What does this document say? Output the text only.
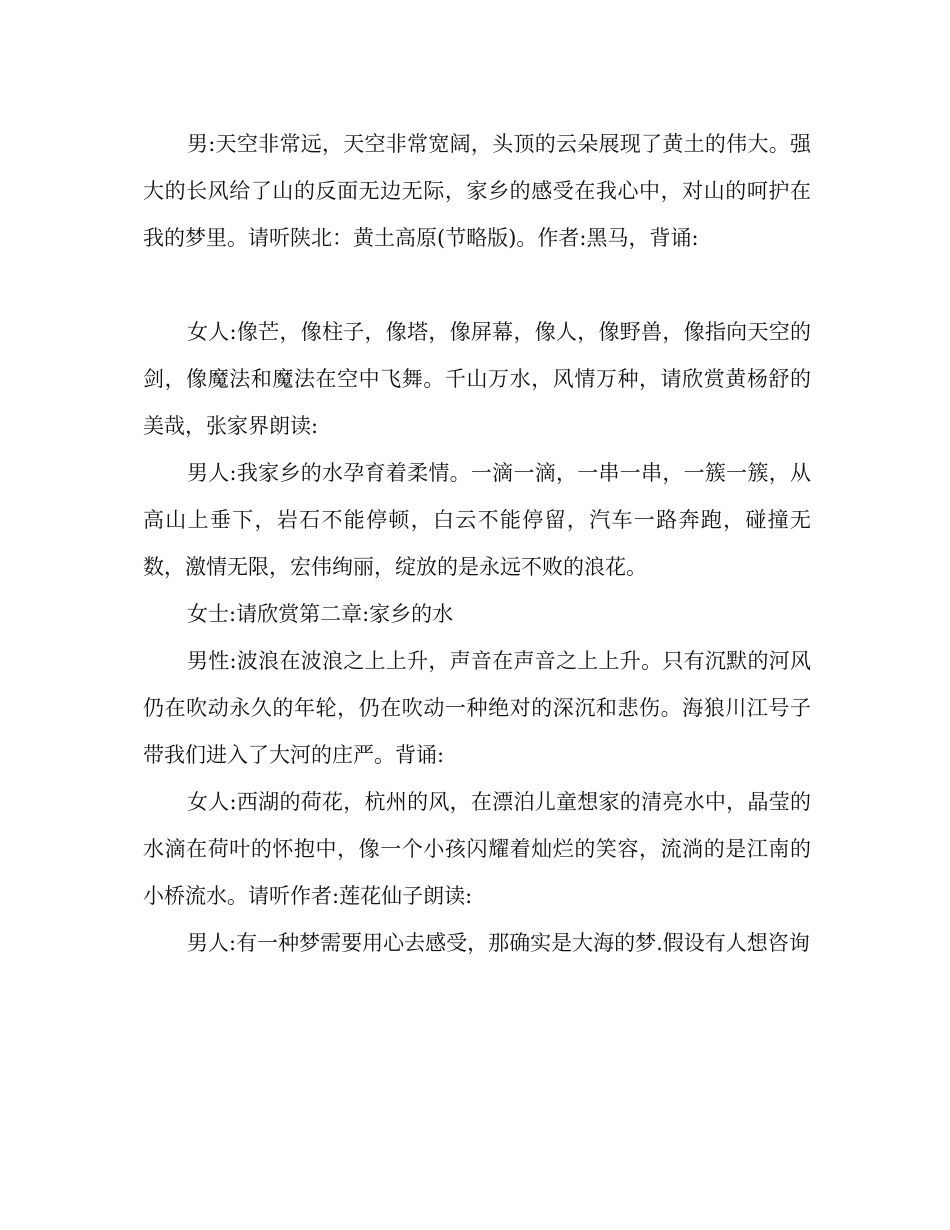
男:天空非常远，天空非常宽阔，头顶的云朵展现了黄土的伟大。强大的长风给了山的反面无边无际，家乡的感受在我心中，对山的呵护在我的梦里。请听陕北：黄土高原(节略版)。作者:黑马，背诵:

女人:像芒，像柱子，像塔，像屏幕，像人，像野兽，像指向天空的剑，像魔法和魔法在空中飞舞。千山万水，风情万种，请欣赏黄杨舒的美哉，张家界朗读:

男人:我家乡的水孕育着柔情。一滴一滴，一串一串，一簇一簇，从高山上垂下，岩石不能停顿，白云不能停留，汽车一路奔跑，碰撞无数，激情无限，宏伟绚丽，绽放的是永远不败的浪花。

女士:请欣赏第二章:家乡的水

男性:波浪在波浪之上上升，声音在声音之上上升。只有沉默的河风仍在吹动永久的年轮，仍在吹动一种绝对的深沉和悲伤。海狼川江号子带我们进入了大河的庄严。背诵:

女人:西湖的荷花，杭州的风，在漂泊儿童想家的清亮水中，晶莹的水滴在荷叶的怀抱中，像一个小孩闪耀着灿烂的笑容，流淌的是江南的小桥流水。请听作者:莲花仙子朗读:

男人:有一种梦需要用心去感受，那确实是大海的梦.假设有人想咨询
